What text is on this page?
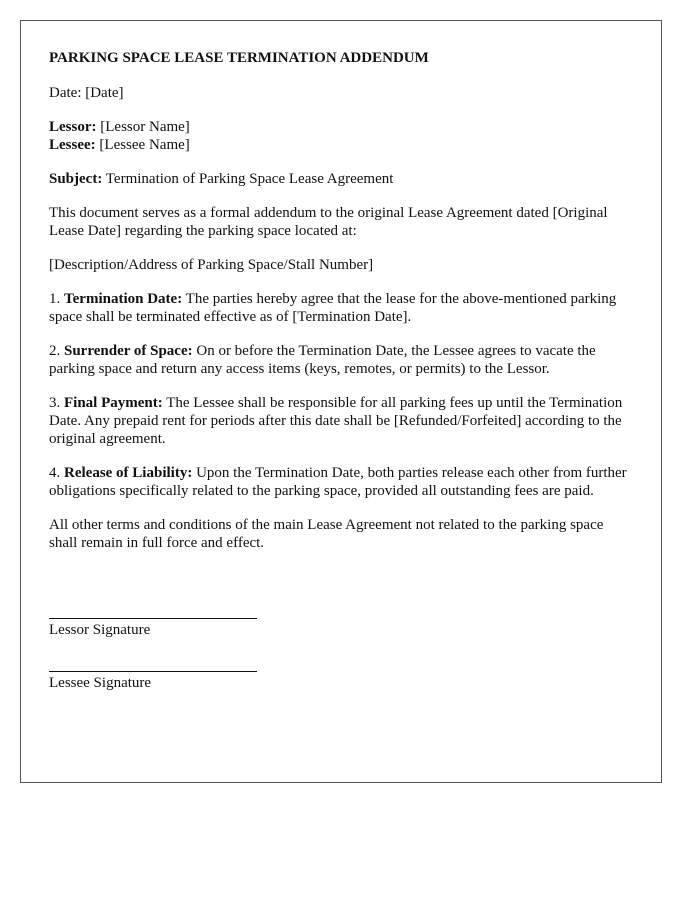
PARKING SPACE LEASE TERMINATION ADDENDUM

Date: [Date]

Lessor: [Lessor Name]
Lessee: [Lessee Name]

Subject: Termination of Parking Space Lease Agreement

This document serves as a formal addendum to the original Lease Agreement dated [Original Lease Date] regarding the parking space located at:

[Description/Address of Parking Space/Stall Number]

1. Termination Date: The parties hereby agree that the lease for the above-mentioned parking space shall be terminated effective as of [Termination Date].

2. Surrender of Space: On or before the Termination Date, the Lessee agrees to vacate the parking space and return any access items (keys, remotes, or permits) to the Lessor.

3. Final Payment: The Lessee shall be responsible for all parking fees up until the Termination Date. Any prepaid rent for periods after this date shall be [Refunded/Forfeited] according to the original agreement.

4. Release of Liability: Upon the Termination Date, both parties release each other from further obligations specifically related to the parking space, provided all outstanding fees are paid.

All other terms and conditions of the main Lease Agreement not related to the parking space shall remain in full force and effect.

Lessor Signature
Lessee Signature
